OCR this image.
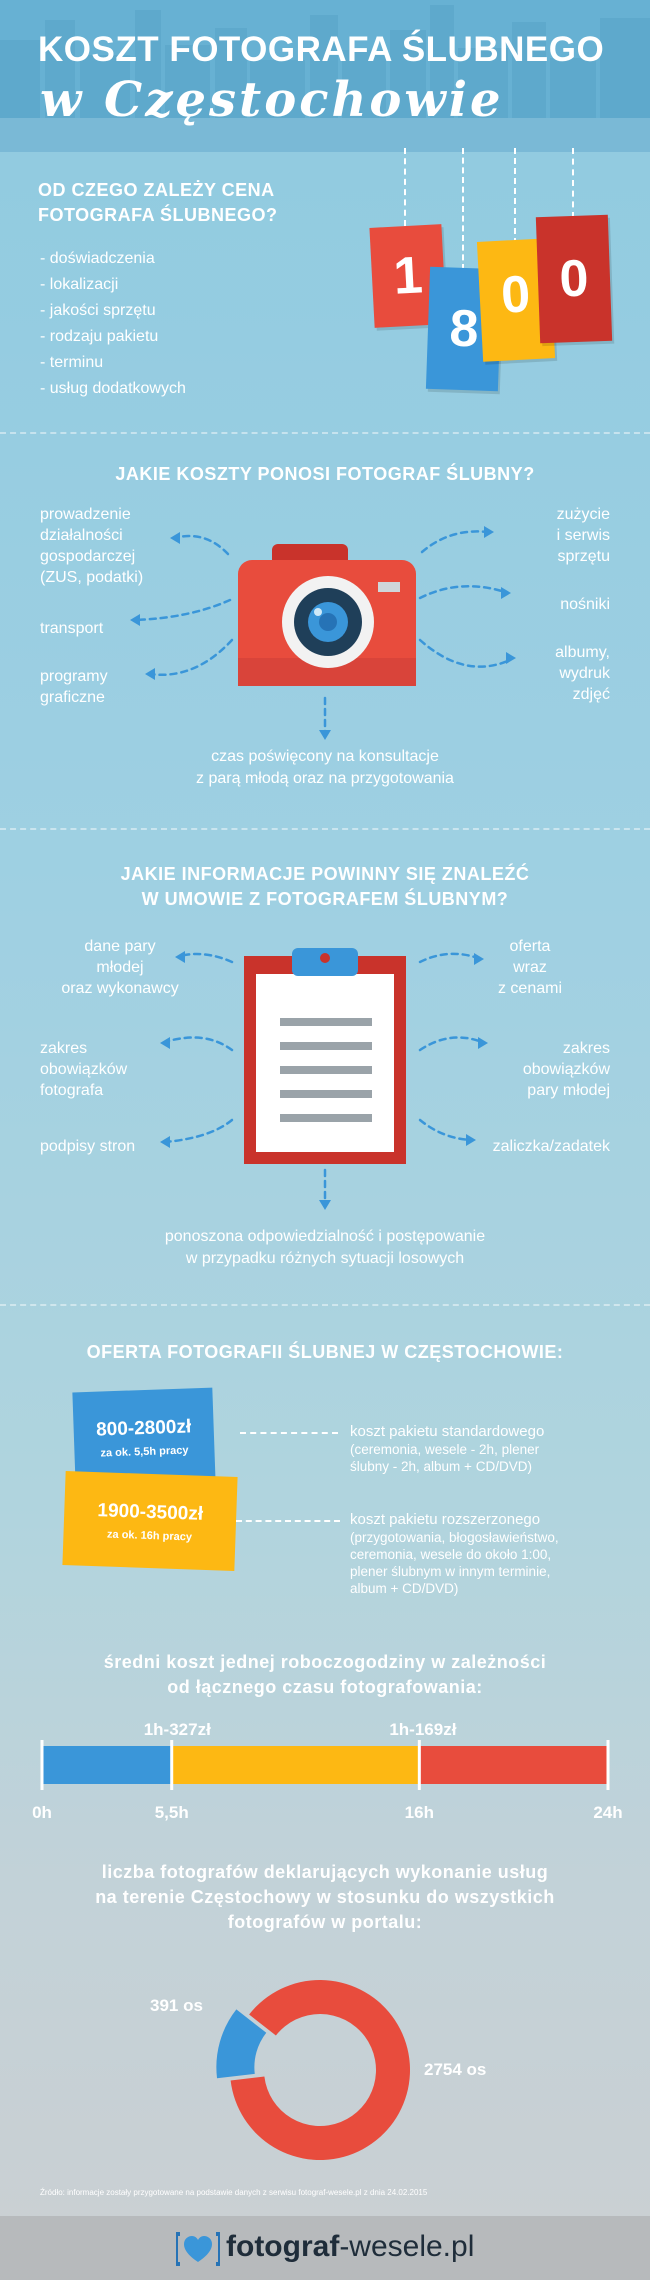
KOSZT FOTOGRAFA ŚLUBNEGO
w Częstochowie
OD CZEGO ZALEŻY CENA
FOTOGRAFA ŚLUBNEGO?
- doświadczenia
- lokalizacji
- jakości sprzętu
- rodzaju pakietu
- terminu
- usług dodatkowych
1
8
0 0
JAKIE KOSZTY PONOSI FOTOGRAF ŚLUBNY?
prowadzenie
działalności
gospodarczej
(ZUS, podatki)
transport
programy
graficzne
zużycie
i serwis
sprzętu
nośniki
albumy,
wydruk
zdjęć
czas poświęcony na konsultacje
z parą młodą oraz na przygotowania
JAKIE INFORMACJE POWINNY SIĘ ZNALEŹĆ
W UMOWIE Z FOTOGRAFEM ŚLUBNYM?
dane pary
młodej
oraz wykonawcy
zakres
obowiązków
fotografa
podpisy stron
oferta
wraz
z cenami
zakres
obowiązków
pary młodej
zaliczka/zadatek
ponoszona odpowiedzialność i postępowanie
w przypadku różnych sytuacji losowych
OFERTA FOTOGRAFII ŚLUBNEJ W CZĘSTOCHOWIE:
800-2800zł
za ok. 5,5h pracy
1900-3500zł
za ok. 16h pracy
koszt pakietu standardowego
(ceremonia, wesele - 2h, plener
ślubny - 2h, album + CD/DVD)
koszt pakietu rozszerzonego
(przygotowania, błogosławieństwo,
ceremonia, wesele do około 1:00,
plener ślubnym w innym terminie,
album + CD/DVD)
średni koszt jednej roboczogodziny w zależności
od łącznego czasu fotografowania:
1h-327zł	1h-169zł
0h	5,5h	16h	24h
liczba fotografów deklarujących wykonanie usług
na terenie Częstochowy w stosunku do wszystkich
fotografów w portalu:
391 os
2754 os
Źródło: informacje zostały przygotowane na podstawie danych z serwisu fotograf-wesele.pl z dnia 24.02.2015
fotograf-wesele.pl
